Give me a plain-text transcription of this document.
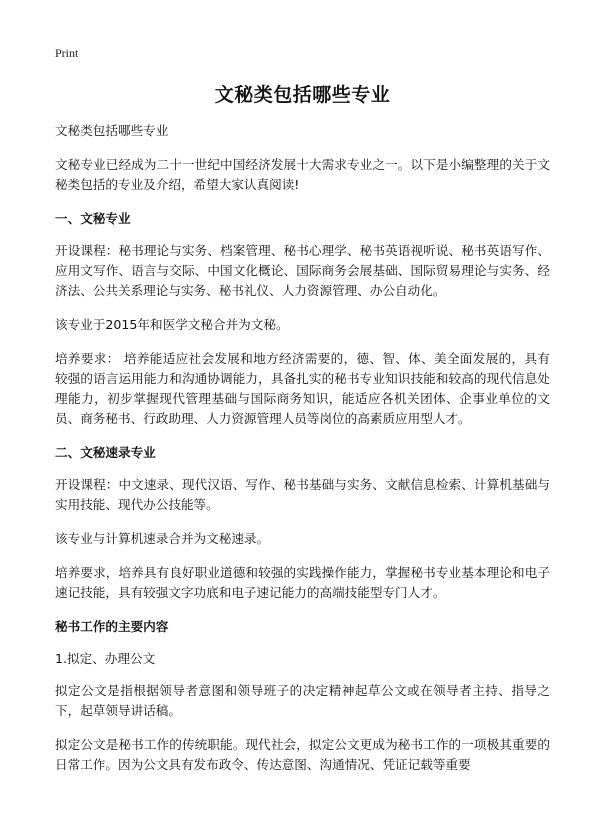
Print
文秘类包括哪些专业

文秘类包括哪些专业

文秘专业已经成为二十一世纪中国经济发展十大需求专业之一。以下是小编整理的关于文秘类包括的专业及介绍，希望大家认真阅读!

一、文秘专业

开设课程：秘书理论与实务、档案管理、秘书心理学、秘书英语视听说、秘书英语写作、应用文写作、语言与交际、中国文化概论、国际商务会展基础、国际贸易理论与实务、经济法、公共关系理论与实务、秘书礼仪、人力资源管理、办公自动化。

该专业于2015年和医学文秘合并为文秘。

培养要求： 培养能适应社会发展和地方经济需要的，德、智、体、美全面发展的，具有较强的语言运用能力和沟通协调能力，具备扎实的秘书专业知识技能和较高的现代信息处理能力，初步掌握现代管理基础与国际商务知识，能适应各机关团体、企事业单位的文员、商务秘书、行政助理、人力资源管理人员等岗位的高素质应用型人才。

二、文秘速录专业

开设课程：中文速录、现代汉语、写作、秘书基础与实务、文献信息检索、计算机基础与实用技能、现代办公技能等。

该专业与计算机速录合并为文秘速录。

培养要求，培养具有良好职业道德和较强的实践操作能力，掌握秘书专业基本理论和电子速记技能，具有较强文字功底和电子速记能力的高端技能型专门人才。

秘书工作的主要内容

1.拟定、办理公文

拟定公文是指根据领导者意图和领导班子的决定精神起草公文或在领导者主持、指导之下，起草领导讲话稿。

拟定公文是秘书工作的传统职能。现代社会，拟定公文更成为秘书工作的一项极其重要的日常工作。因为公文具有发布政令、传达意图、沟通情况、凭证记载等重要
